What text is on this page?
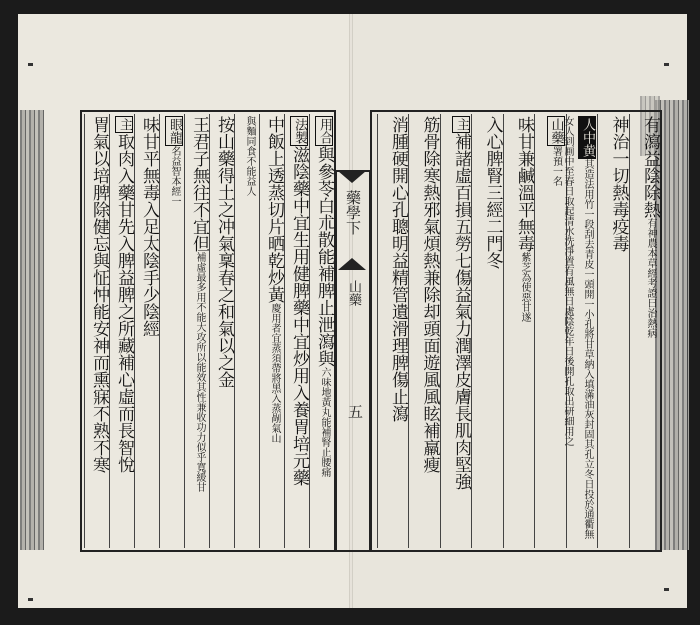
用合與參苓白朮散能補脾止泄瀉與六味地黃丸能補腎止腰痛
法製滋陰藥中宜生用健脾藥中宜炒用入養胃培元藥
中飯上透蒸切片晒乾炒黃慶用者宜蒸須帶將黑入蒸剮氣山
與麵同食不能益人
按山藥得土之冲氣稟春之和氣以之金
王君子無往不宜但補虛最多用不能大攻所以能效其性兼收功力似乎寬緩甘
眼龍名益智本經一
味甘平無毒入足太陰手少陰經
主取肉入藥甘先入脾益脾之所藏補心虛而長智悅
胃氣以培脾除健忘與怔忡能安神而熏寐不熟不寒	藥學下
山藥
五
有瀉益陰除熱有神農本草經考證曰治熱病
神治一切熱毒疫毒
人中黄其造法用竹一段刮去青皮一頭開一小孔將甘草納入填滿油灰封固其孔立冬日投於通衢無女人到厠中至春日取起清水洗淨置有風無日處陰乾年日後開孔取出研細用之
山藥署預一名
味甘兼鹹溫平無毒紫芝為使惡甘遂
入心脾腎三經二門冬
主補諸虛百損五勞七傷益氣力潤澤皮膚長肌肉堅強
筋骨除寒熱邪氣煩熱兼除却頭面遊風風眩補羸瘦
消腫硬開心孔聰明益精管遺滑理脾傷止瀉
